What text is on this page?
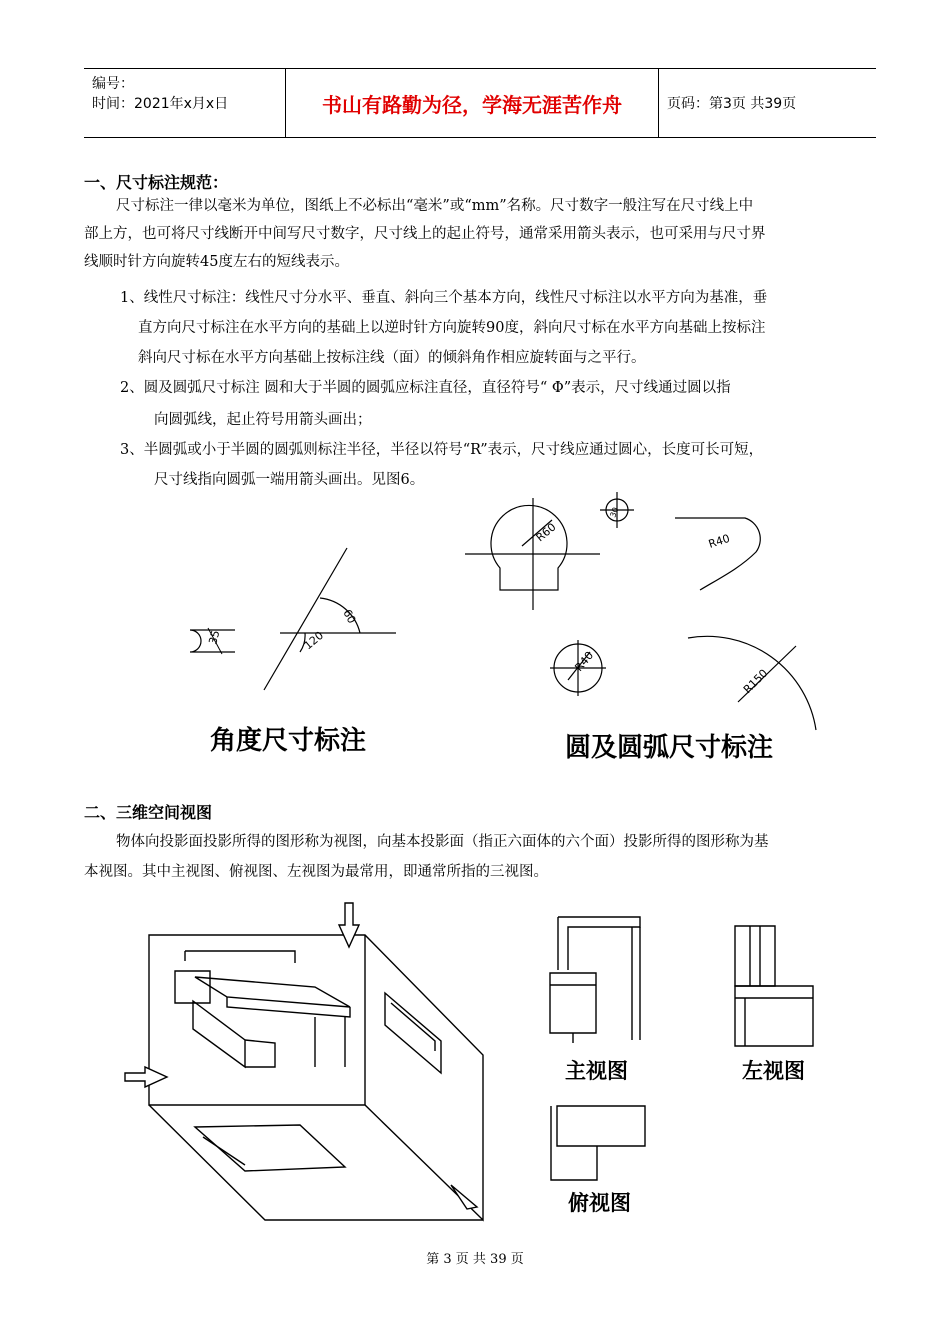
编号：
时间：2021年x月x日	书山有路勤为径，学海无涯苦作舟	页码：第3页 共39页
一、尺寸标注规范：
尺寸标注一律以毫米为单位，图纸上不必标出“毫米”或“mm”名称。尺寸数字一般注写在尺寸线上中
部上方，也可将尺寸线断开中间写尺寸数字，尺寸线上的起止符号，通常采用箭头表示，也可采用与尺寸界
线顺时针方向旋转45度左右的短线表示。
1、线性尺寸标注：线性尺寸分水平、垂直、斜向三个基本方向，线性尺寸标注以水平方向为基准，垂
直方向尺寸标注在水平方向的基础上以逆时针方向旋转90度，斜向尺寸标在水平方向基础上按标注
斜向尺寸标在水平方向基础上按标注线（面）的倾斜角作相应旋转面与之平行。
2、圆及圆弧尺寸标注 圆和大于半圆的圆弧应标注直径，直径符号“ Φ”表示，尺寸线通过圆以指
向圆弧线，起止符号用箭头画出；
3、半圆弧或小于半圆的圆弧则标注半径，半径以符号“R”表示，尺寸线应通过圆心，长度可长可短，
尺寸线指向圆弧一端用箭头画出。见图6。
35
60
120
R60
30
R40
R40
R150
角度尺寸标注	圆及圆弧尺寸标注
二、三维空间视图
物体向投影面投影所得的图形称为视图，向基本投影面（指正六面体的六个面）投影所得的图形称为基
本视图。其中主视图、俯视图、左视图为最常用，即通常所指的三视图。
主视图	左视图
俯视图
第 3 页 共 39 页
